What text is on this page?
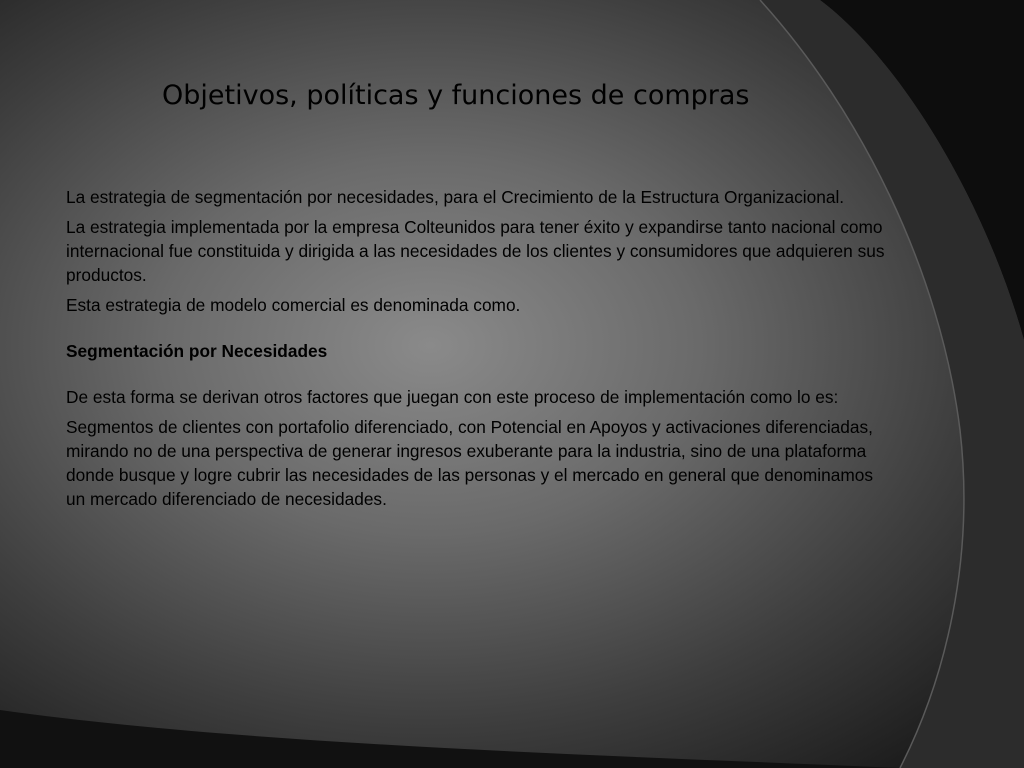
Objetivos, políticas y funciones de compras

La estrategia de segmentación por necesidades, para el Crecimiento de la Estructura Organizacional.

La estrategia implementada por la empresa Colteunidos para tener éxito y expandirse tanto nacional como internacional fue constituida y dirigida a las necesidades de los clientes y consumidores que adquieren sus productos.

Esta estrategia de modelo comercial es denominada como.

Segmentación por Necesidades

De esta forma se derivan otros factores que juegan con este proceso de implementación como lo es:

Segmentos de clientes con portafolio diferenciado, con Potencial en Apoyos y activaciones diferenciadas, mirando no de una perspectiva de generar ingresos exuberante para la industria, sino de una plataforma donde busque y logre cubrir las necesidades de las personas y el mercado en general que denominamos un mercado diferenciado de necesidades.
